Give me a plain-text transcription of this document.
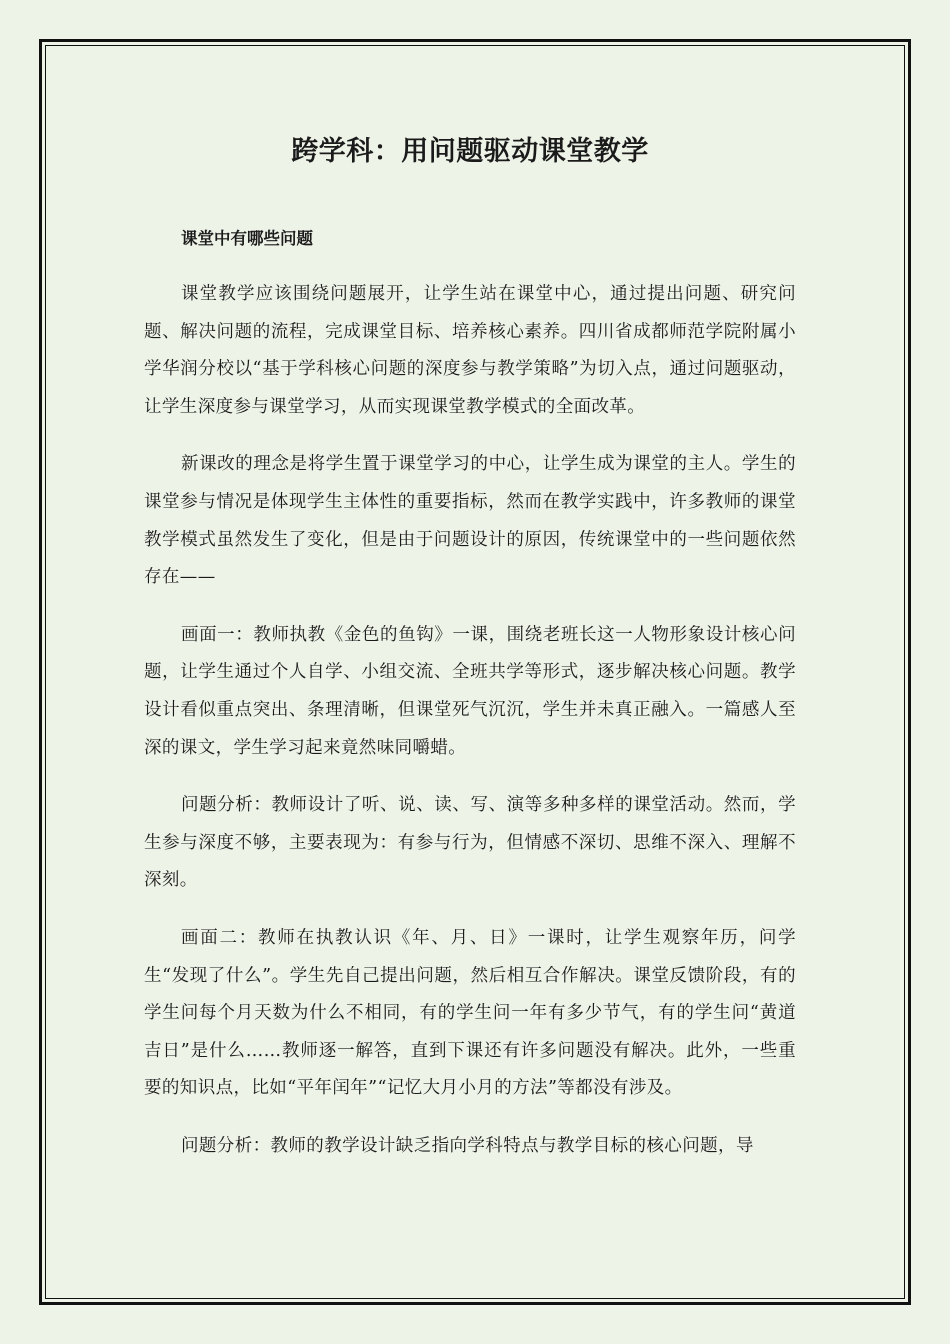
跨学科：用问题驱动课堂教学

课堂中有哪些问题

课堂教学应该围绕问题展开，让学生站在课堂中心，通过提出问题、研究问题、解决问题的流程，完成课堂目标、培养核心素养。四川省成都师范学院附属小学华润分校以“基于学科核心问题的深度参与教学策略”为切入点，通过问题驱动，让学生深度参与课堂学习，从而实现课堂教学模式的全面改革。

新课改的理念是将学生置于课堂学习的中心，让学生成为课堂的主人。学生的课堂参与情况是体现学生主体性的重要指标，然而在教学实践中，许多教师的课堂教学模式虽然发生了变化，但是由于问题设计的原因，传统课堂中的一些问题依然存在——

画面一：教师执教《金色的鱼钩》一课，围绕老班长这一人物形象设计核心问题，让学生通过个人自学、小组交流、全班共学等形式，逐步解决核心问题。教学设计看似重点突出、条理清晰，但课堂死气沉沉，学生并未真正融入。一篇感人至深的课文，学生学习起来竟然味同嚼蜡。

问题分析：教师设计了听、说、读、写、演等多种多样的课堂活动。然而，学生参与深度不够，主要表现为：有参与行为，但情感不深切、思维不深入、理解不深刻。

画面二：教师在执教认识《年、月、日》一课时，让学生观察年历，问学生“发现了什么”。学生先自己提出问题，然后相互合作解决。课堂反馈阶段，有的学生问每个月天数为什么不相同，有的学生问一年有多少节气，有的学生问“黄道吉日”是什么……教师逐一解答，直到下课还有许多问题没有解决。此外，一些重要的知识点，比如“平年闰年”“记忆大月小月的方法”等都没有涉及。

问题分析：教师的教学设计缺乏指向学科特点与教学目标的核心问题，导
